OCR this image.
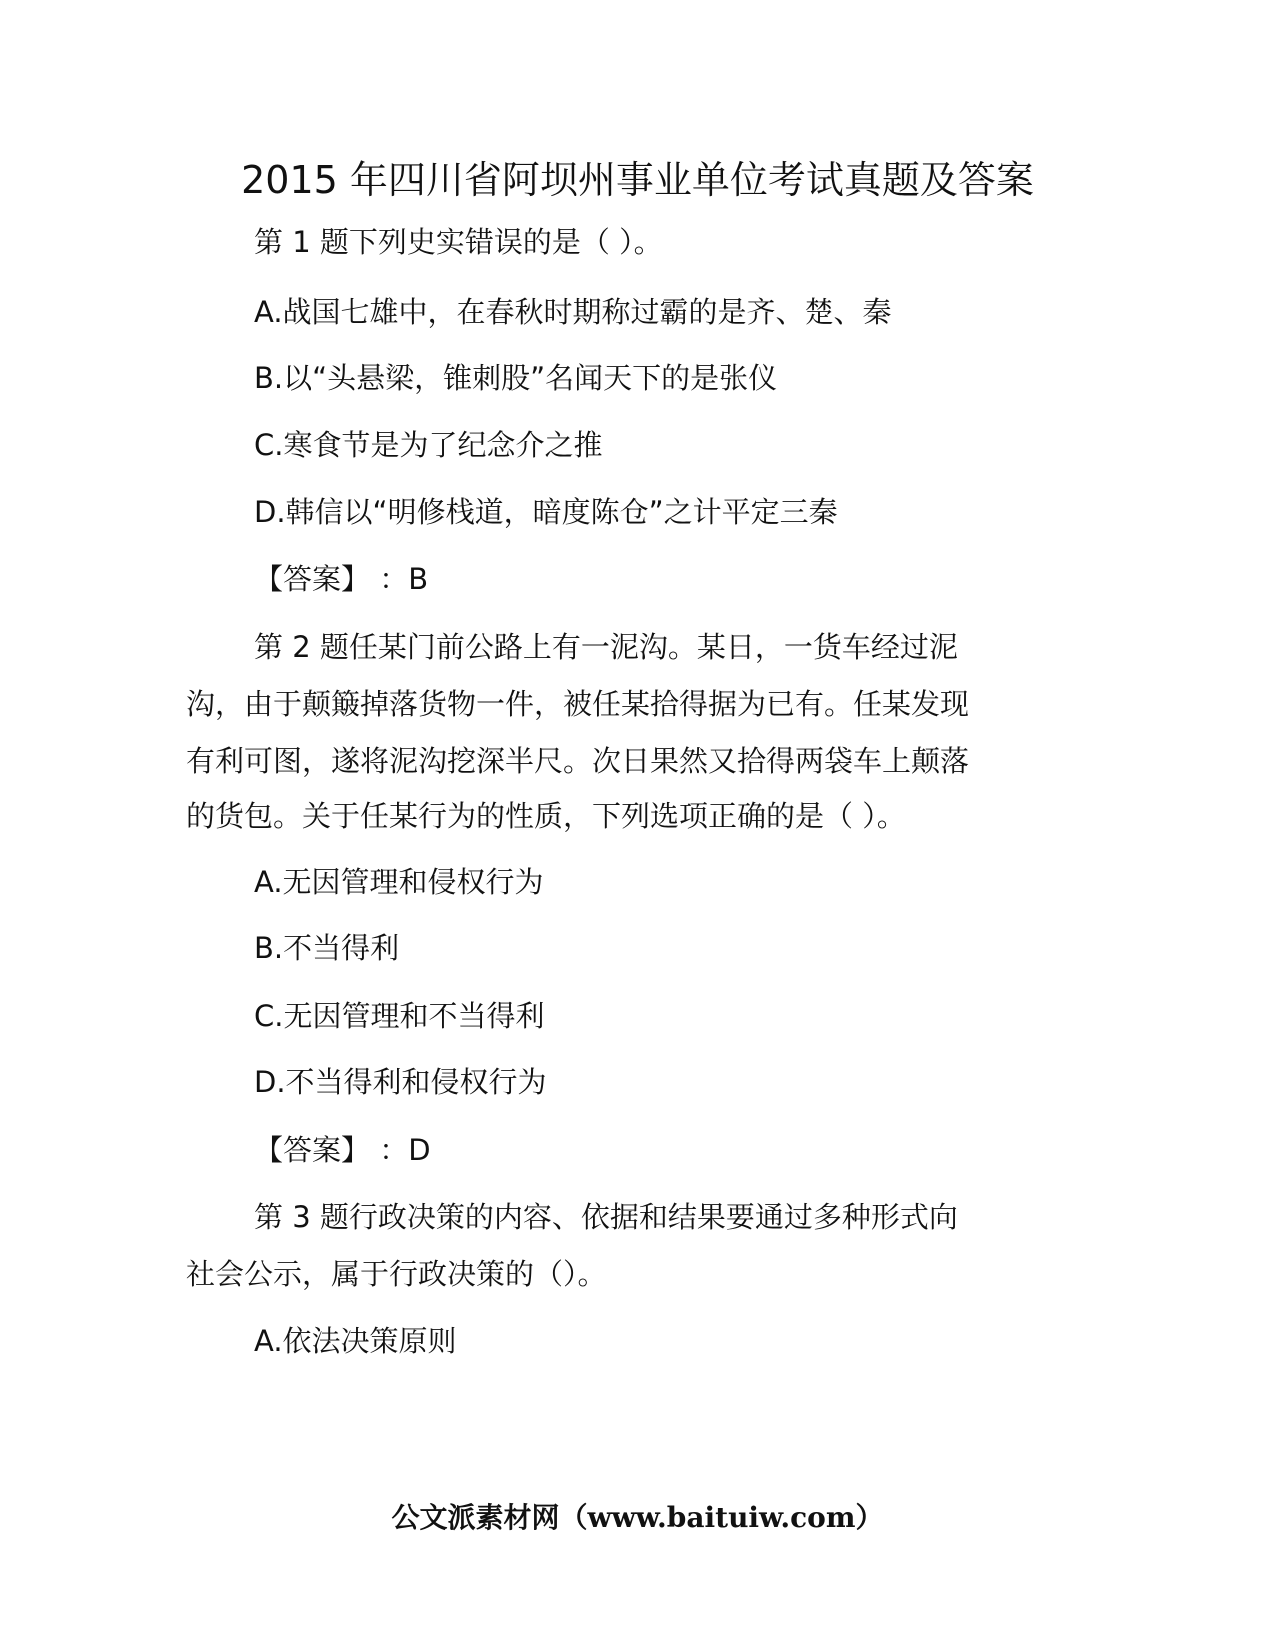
2015 年四川省阿坝州事业单位考试真题及答案
第 1 题下列史实错误的是（ ）。
A.战国七雄中，在春秋时期称过霸的是齐、楚、秦
B.以“头悬梁，锥刺股”名闻天下的是张仪
C.寒食节是为了纪念介之推
D.韩信以“明修栈道，暗度陈仓”之计平定三秦
【答案】 ：B
第 2 题任某门前公路上有一泥沟。某日，一货车经过泥
沟，由于颠簸掉落货物一件，被任某拾得据为已有。任某发现
有利可图，遂将泥沟挖深半尺。次日果然又拾得两袋车上颠落
的货包。关于任某行为的性质，下列选项正确的是（ ）。
A.无因管理和侵权行为
B.不当得利
C.无因管理和不当得利
D.不当得利和侵权行为
【答案】 ：D
第 3 题行政决策的内容、依据和结果要通过多种形式向
社会公示，属于行政决策的（）。
A.依法决策原则
公文派素材网（www.baituiw.com）
